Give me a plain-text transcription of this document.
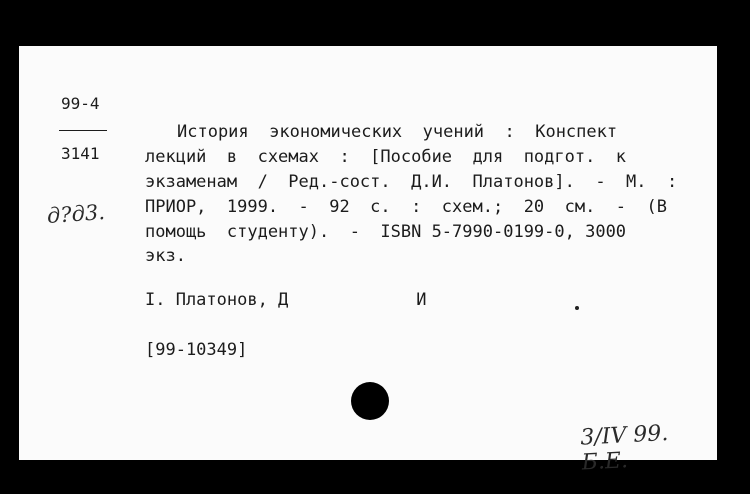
99-4
3141
д?д3.
История  экономических  учений  :  Конспект
лекций  в  схемах  :  [Пособие  для  подгот.  к
экзаменам  /  Ред.-сост.  Д.И.  Платонов].  -  М.  :
ПРИОР,  1999.  -  92  с.  :  схем.;  20  см.  -  (В
помощь  студенту).  -  ISBN 5-7990-0199-0, 3000
экз.
I. Платонов, Д	И
[99-10349]
3/IV 99. Б.Е.
